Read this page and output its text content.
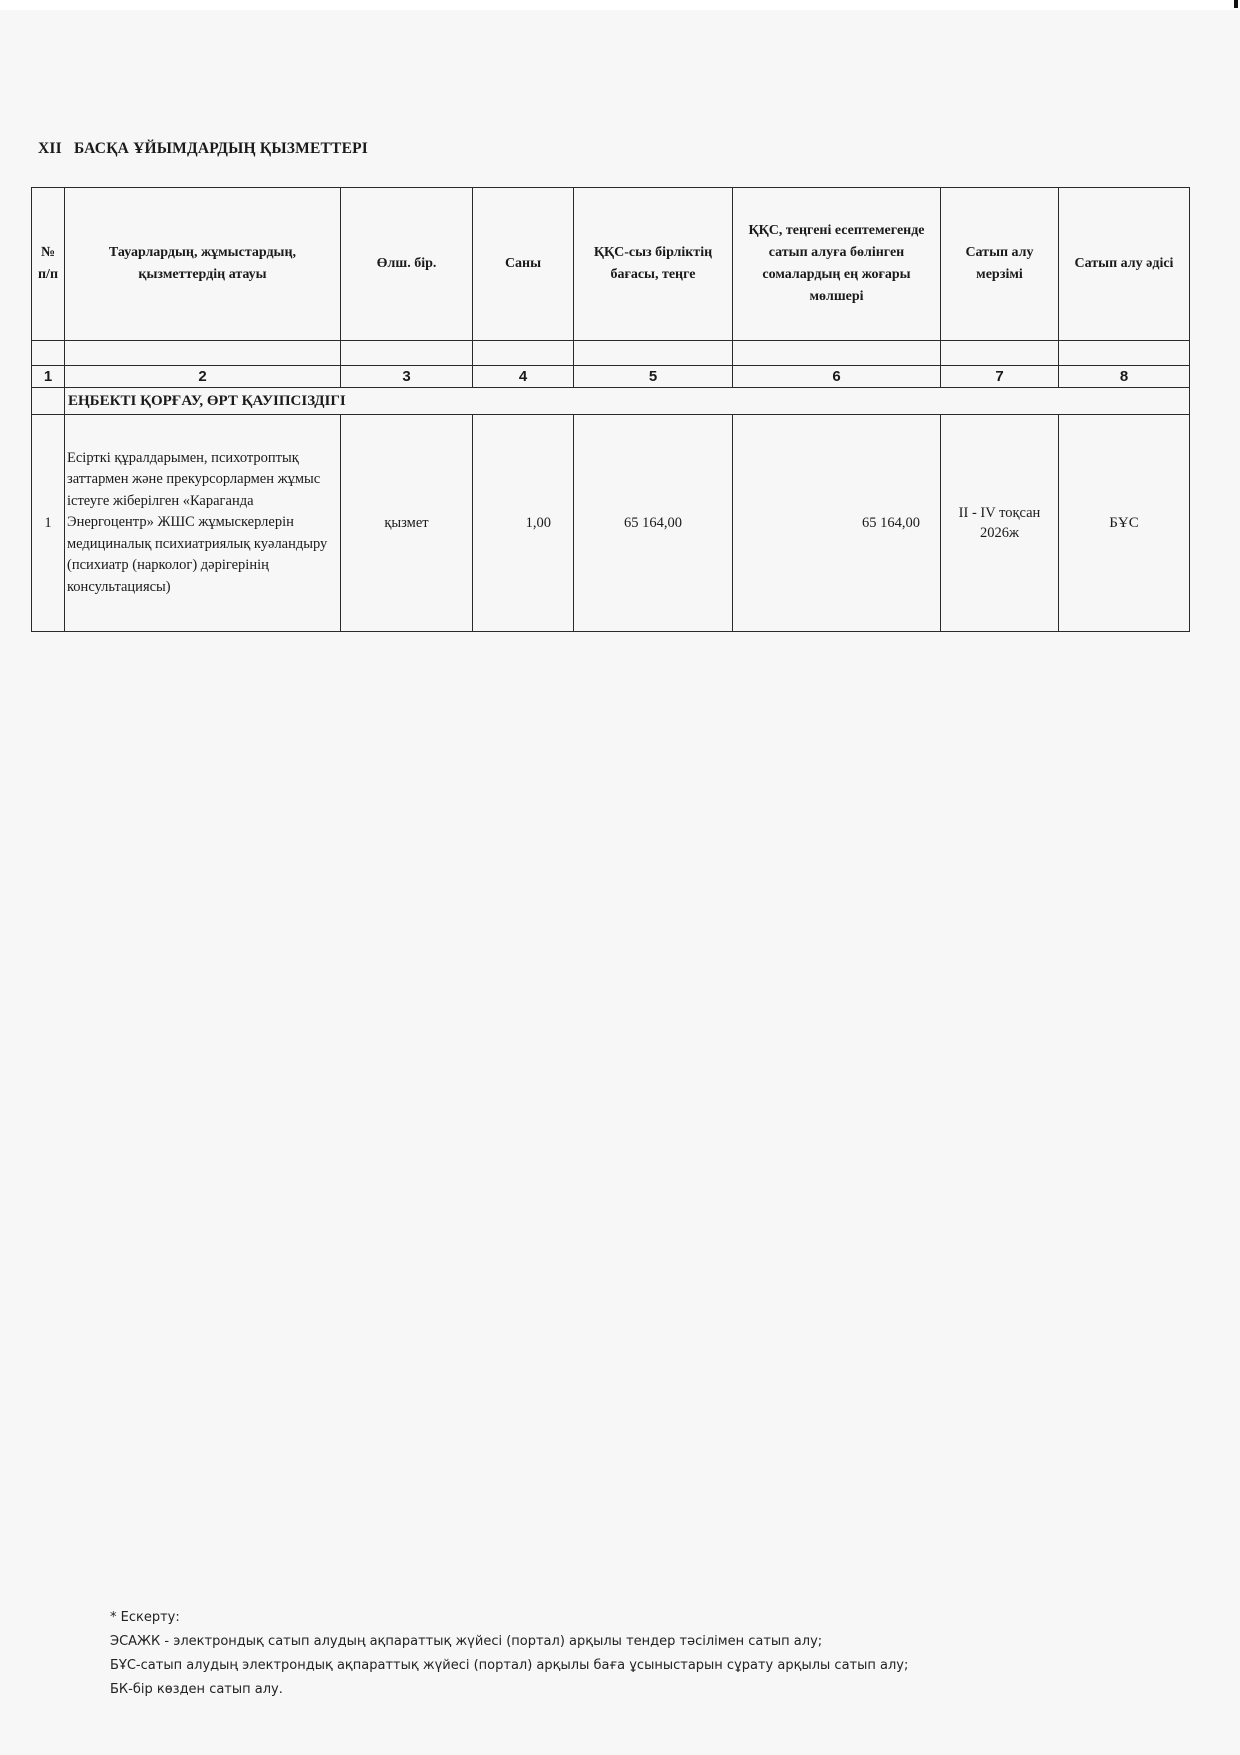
XII БАСҚА ҰЙЫМДАРДЫҢ ҚЫЗМЕТТЕРІ
№ п/п	Тауарлардың, жұмыстардың, қызметтердің атауы	Өлш. бір.	Саны	ҚҚС-сыз бірліктің бағасы, теңге	ҚҚС, теңгені есептемегенде сатып алуға бөлінген сомалардың ең жоғары мөлшері	Сатып алу мерзімі	Сатып алу әдісі

1	2	3	4	5	6	7	8
	ЕҢБЕКТІ ҚОРҒАУ, ӨРТ ҚАУІПСІЗДІГІ						
1	Есірткі құралдарымен, психотроптық заттармен және прекурсорлармен жұмыс істеуге жіберілген «Караганда Энергоцентр» ЖШС жұмыскерлерін медициналық психиатриялық куәландыру (психиатр (нарколог) дәрігерінің консультациясы)	қызмет	1,00	65 164,00	65 164,00	II - IV тоқсан 2026ж	БҰС
* Ескерту:
ЭСАЖК - электрондық сатып алудың ақпараттық жүйесі (портал) арқылы тендер тәсілімен сатып алу;
БҰС-сатып алудың электрондық ақпараттық жүйесі (портал) арқылы баға ұсыныстарын сұрату арқылы сатып алу;
БК-бір көзден сатып алу.
